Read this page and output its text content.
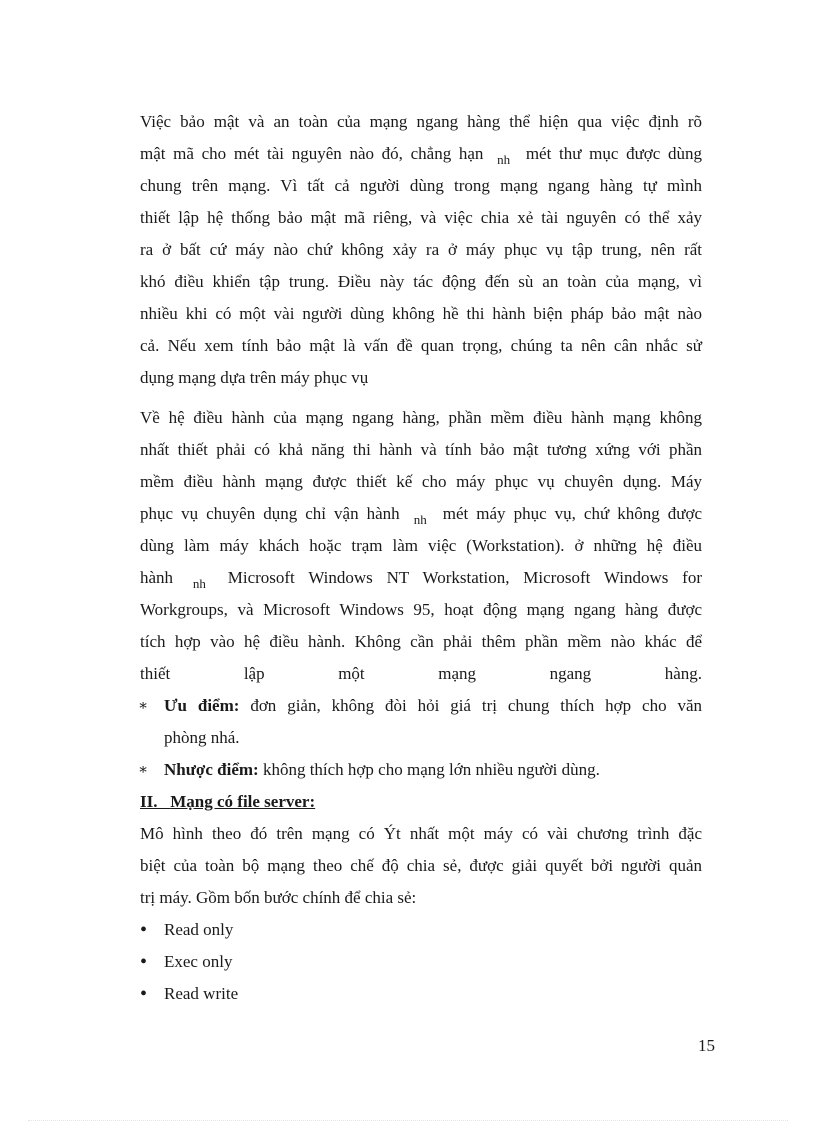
Việc bảo mật và an toàn của mạng ngang hàng thể hiện qua việc định rõ
mật mã cho mét tài nguyên nào đó, chẳng hạn nh mét thư mục được dùng
chung trên mạng. Vì tất cả người dùng trong mạng ngang hàng tự mình
thiết lập hệ thống bảo mật mã riêng, và việc chia xẻ tài nguyên có thể xảy
ra ở bất cứ máy nào chứ không xảy ra ở máy phục vụ tập trung, nên rất
khó điều khiển tập trung. Điều này tác động đến sù an toàn của mạng, vì
nhiều khi có một vài người dùng không hề thi hành biện pháp bảo mật nào
cả. Nếu xem tính bảo mật là vấn đề quan trọng, chúng ta nên cân nhắc sử
dụng mạng dựa trên máy phục vụ
Về hệ điều hành của mạng ngang hàng, phần mềm điều hành mạng không
nhất thiết phải có khả năng thi hành và tính bảo mật tương xứng với phần
mềm điều hành mạng được thiết kế cho máy phục vụ chuyên dụng. Máy
phục vụ chuyên dụng chỉ vận hành nh mét máy phục vụ, chứ không được
dùng làm máy khách hoặc trạm làm việc (Workstation). ở những hệ điều
hành nh Microsoft Windows NT Workstation, Microsoft Windows for
Workgroups, và Microsoft Windows 95, hoạt động mạng ngang hàng được
tích hợp vào hệ điều hành. Không cần phải thêm phần mềm nào khác để
thiết	lập	một	mạng	ngang	hàng.
∗ Ưu điểm: đơn giản, không đòi hỏi giá trị chung thích hợp cho văn
phòng nhá.
∗ Nhược điểm: không thích hợp cho mạng lớn nhiều người dùng.
II. Mạng có file server:
Mô hình theo đó trên mạng có Ýt nhất một máy có vài chương trình đặc
biệt của toàn bộ mạng theo chế độ chia sẻ, được giải quyết bởi người quản
trị máy. Gồm bốn bước chính để chia sẻ:
• Read only
• Exec only
• Read write
15
